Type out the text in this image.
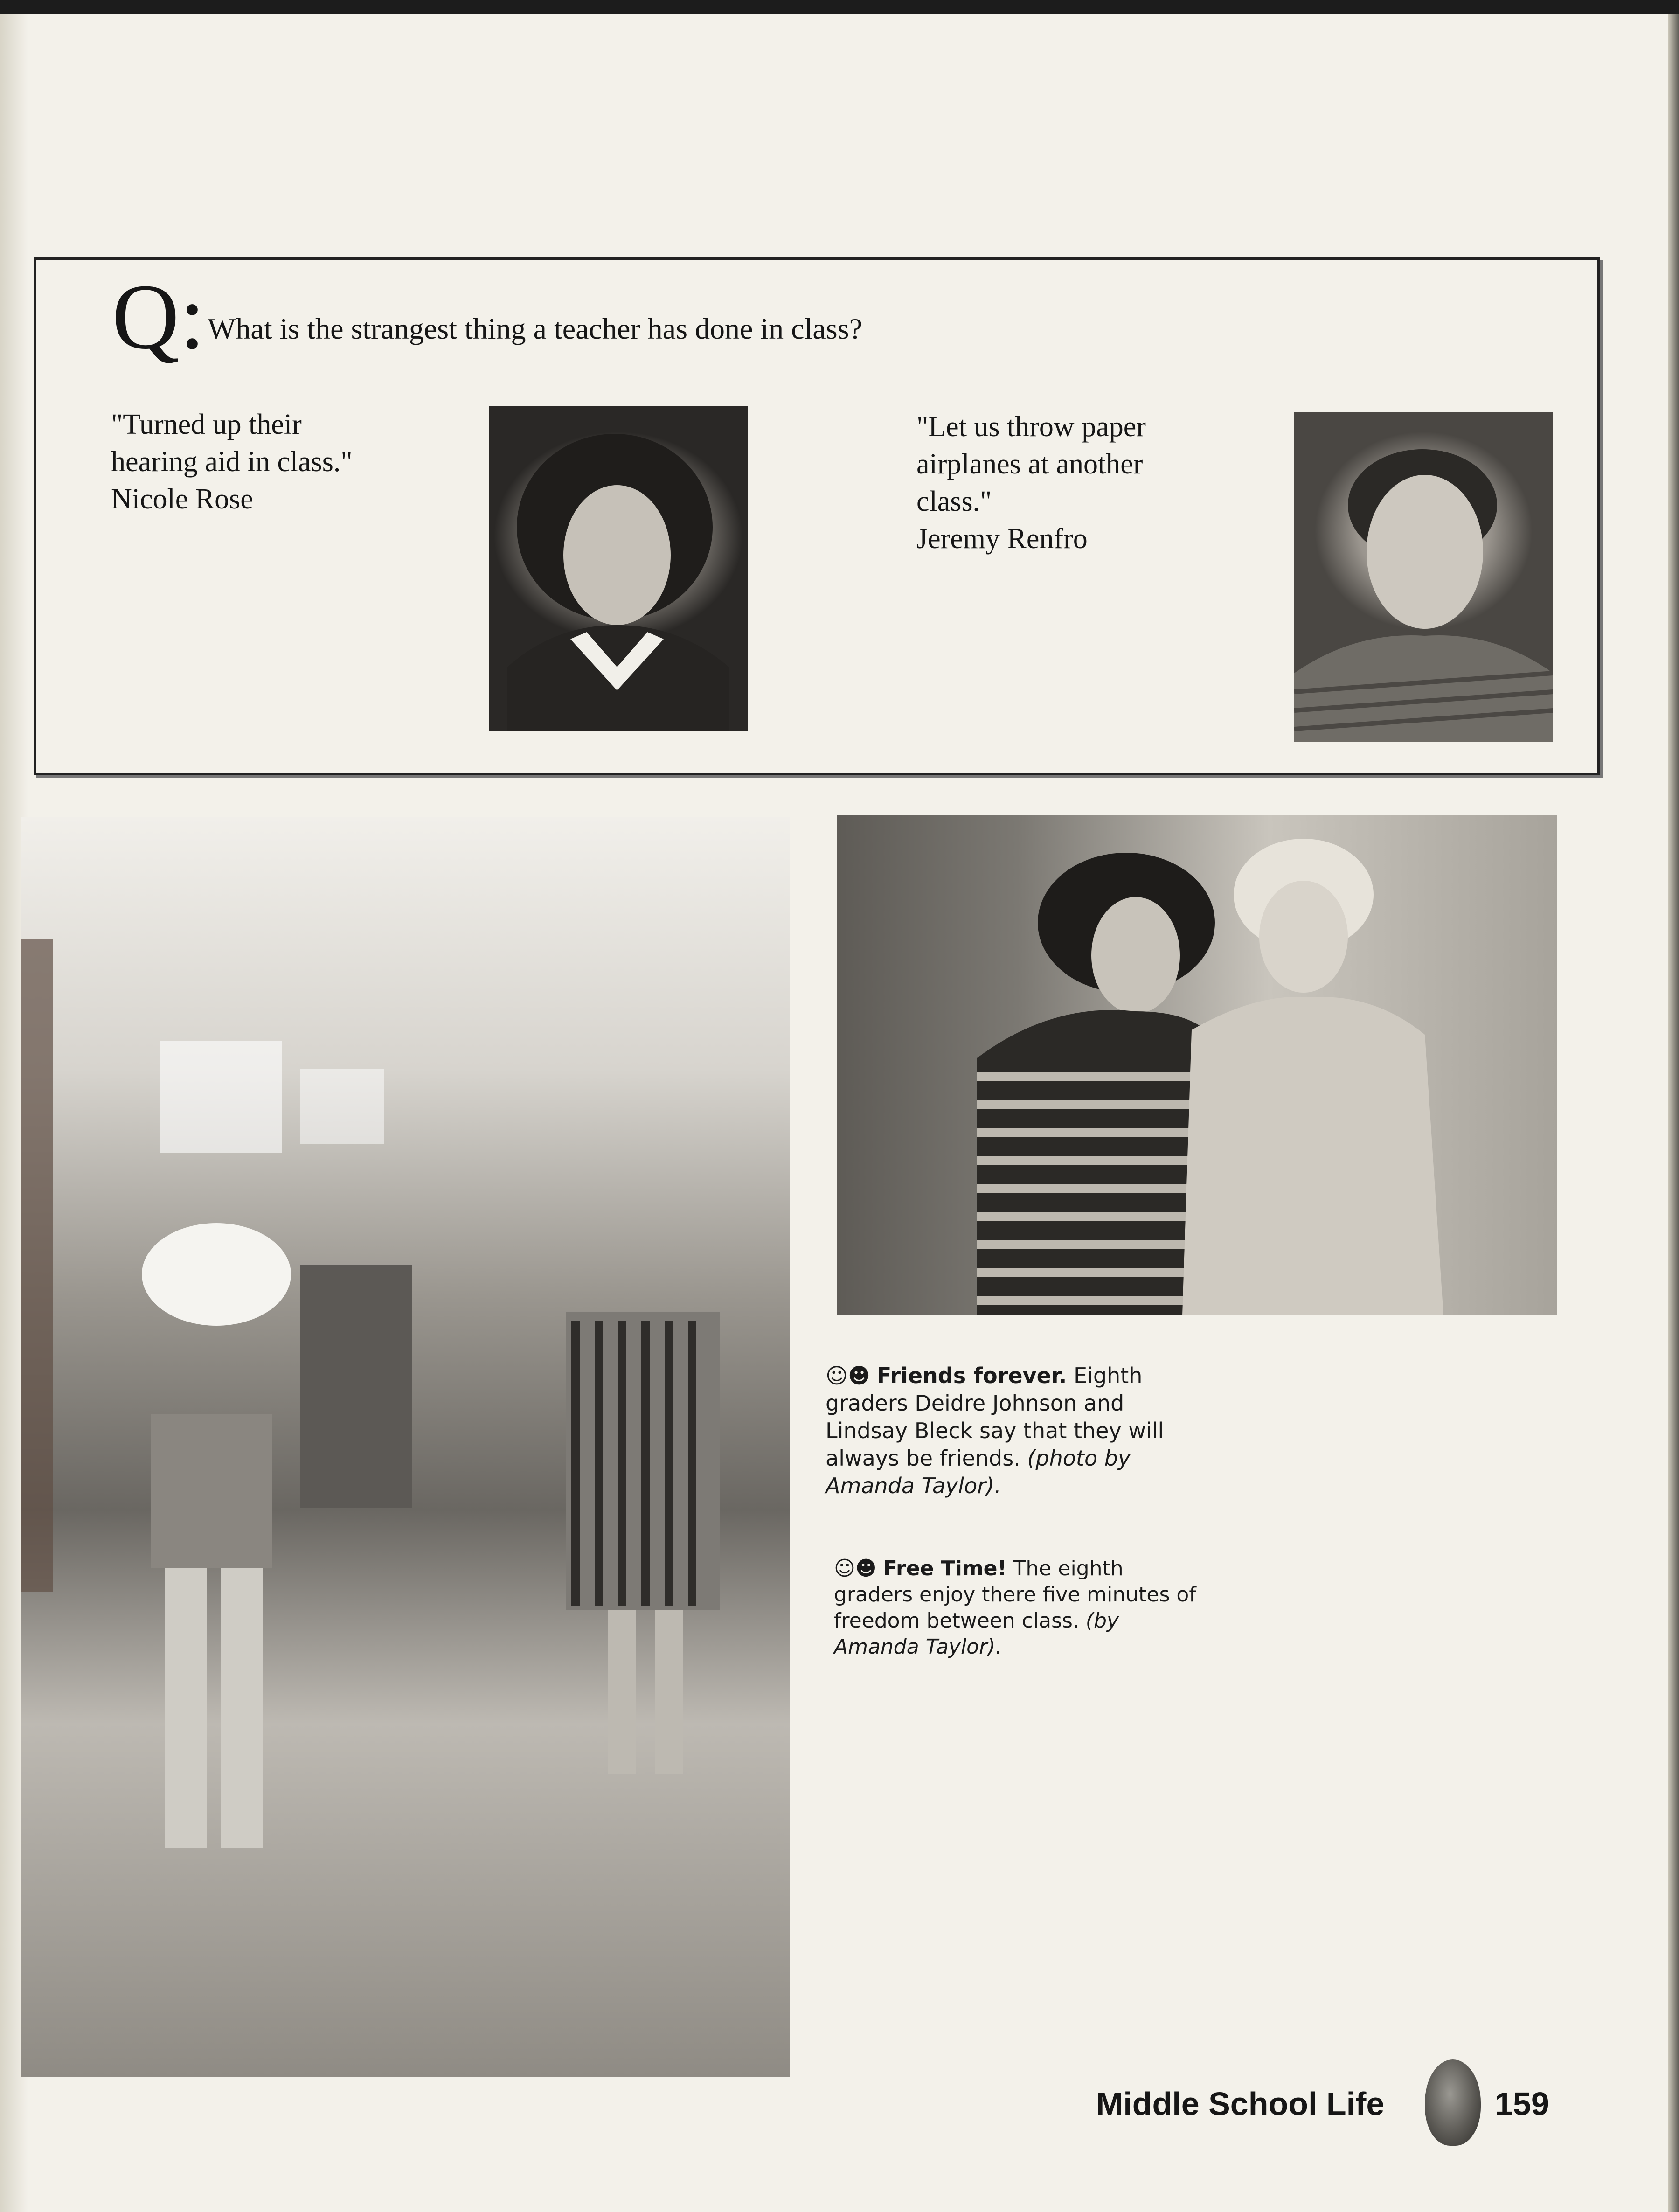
Q: What is the strangest thing a teacher has done in class?
"Turned up their
hearing aid in class."
Nicole Rose
"Let us throw paper
airplanes at another
class."
Jeremy Renfro
☺☻ Friends forever. Eighth graders Deidre Johnson and Lindsay Bleck say that they will always be friends. (photo by Amanda Taylor).
☺☻ Free Time! The eighth graders enjoy there five minutes of freedom between class. (by Amanda Taylor).
Middle School Life	159
